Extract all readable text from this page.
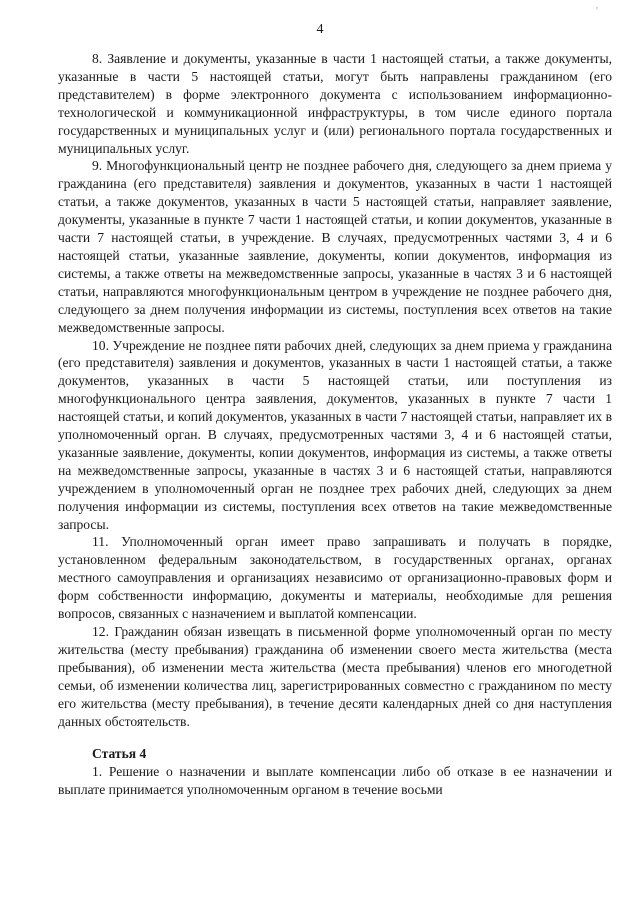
'
4

8. Заявление и документы, указанные в части 1 настоящей статьи, а также документы, указанные в части 5 настоящей статьи, могут быть направлены гражданином (его представителем) в форме электронного документа с использованием информационно-технологической и коммуникационной инфраструктуры, в том числе единого портала государственных и муниципальных услуг и (или) регионального портала государственных и муниципальных услуг.

9. Многофункциональный центр не позднее рабочего дня, следующего за днем приема у гражданина (его представителя) заявления и документов, указанных в части 1 настоящей статьи, а также документов, указанных в части 5 настоящей статьи, направляет заявление, документы, указанные в пункте 7 части 1 настоящей статьи, и копии документов, указанные в части 7 настоящей статьи, в учреждение. В случаях, предусмотренных частями 3, 4 и 6 настоящей статьи, указанные заявление, документы, копии документов, информация из системы, а также ответы на межведомственные запросы, указанные в частях 3 и 6 настоящей статьи, направляются многофункциональным центром в учреждение не позднее рабочего дня, следующего за днем получения информации из системы, поступления всех ответов на такие межведомственные запросы.

10. Учреждение не позднее пяти рабочих дней, следующих за днем приема у гражданина (его представителя) заявления и документов, указанных в части 1 настоящей статьи, а также документов, указанных в части 5 настоящей статьи, или поступления из многофункционального центра заявления, документов, указанных в пункте 7 части 1 настоящей статьи, и копий документов, указанных в части 7 настоящей статьи, направляет их в уполномоченный орган. В случаях, предусмотренных частями 3, 4 и 6 настоящей статьи, указанные заявление, документы, копии документов, информация из системы, а также ответы на межведомственные запросы, указанные в частях 3 и 6 настоящей статьи, направляются учреждением в уполномоченный орган не позднее трех рабочих дней, следующих за днем получения информации из системы, поступления всех ответов на такие межведомственные запросы.

11. Уполномоченный орган имеет право запрашивать и получать в порядке, установленном федеральным законодательством, в государственных органах, органах местного самоуправления и организациях независимо от организационно-правовых форм и форм собственности информацию, документы и материалы, необходимые для решения вопросов, связанных с назначением и выплатой компенсации.

12. Гражданин обязан извещать в письменной форме уполномоченный орган по месту жительства (месту пребывания) гражданина об изменении своего места жительства (места пребывания), об изменении места жительства (места пребывания) членов его многодетной семьи, об изменении количества лиц, зарегистрированных совместно с гражданином по месту его жительства (месту пребывания), в течение десяти календарных дней со дня наступления данных обстоятельств.

Статья 4

1. Решение о назначении и выплате компенсации либо об отказе в ее назначении и выплате принимается уполномоченным органом в течение восьми
